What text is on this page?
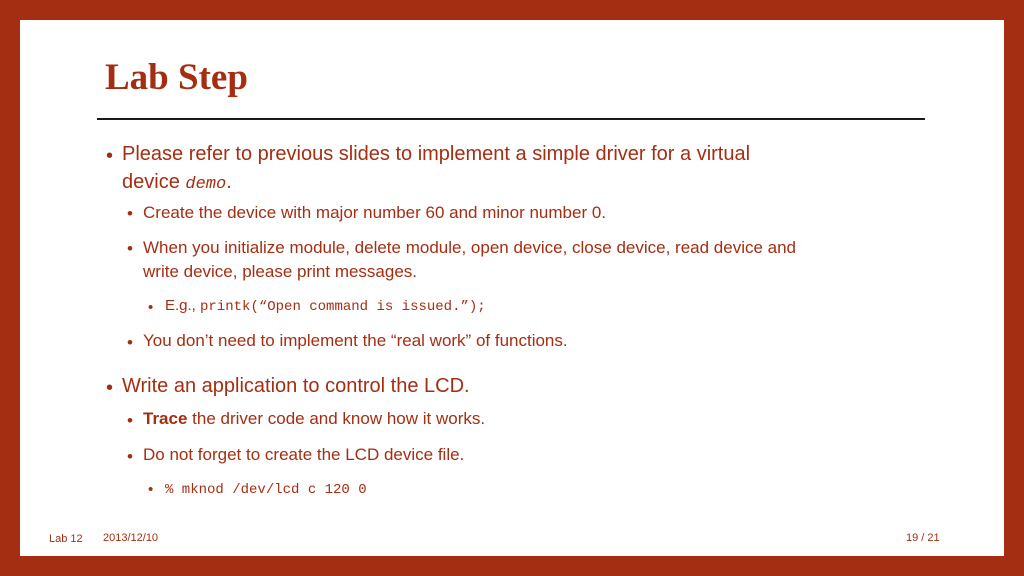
Lab Step
• Please refer to previous slides to implement a simple driver for a virtual
device demo.
• Create the device with major number 60 and minor number 0.
• When you initialize module, delete module, open device, close device, read device and
write device, please print messages.
• E.g., printk(“Open command is issued.”);
• You don’t need to implement the “real work” of functions.
• Write an application to control the LCD.
• Trace the driver code and know how it works.
• Do not forget to create the LCD device file.
• % mknod /dev/lcd c 120 0
Lab 12 2013/12/10	19 / 21
